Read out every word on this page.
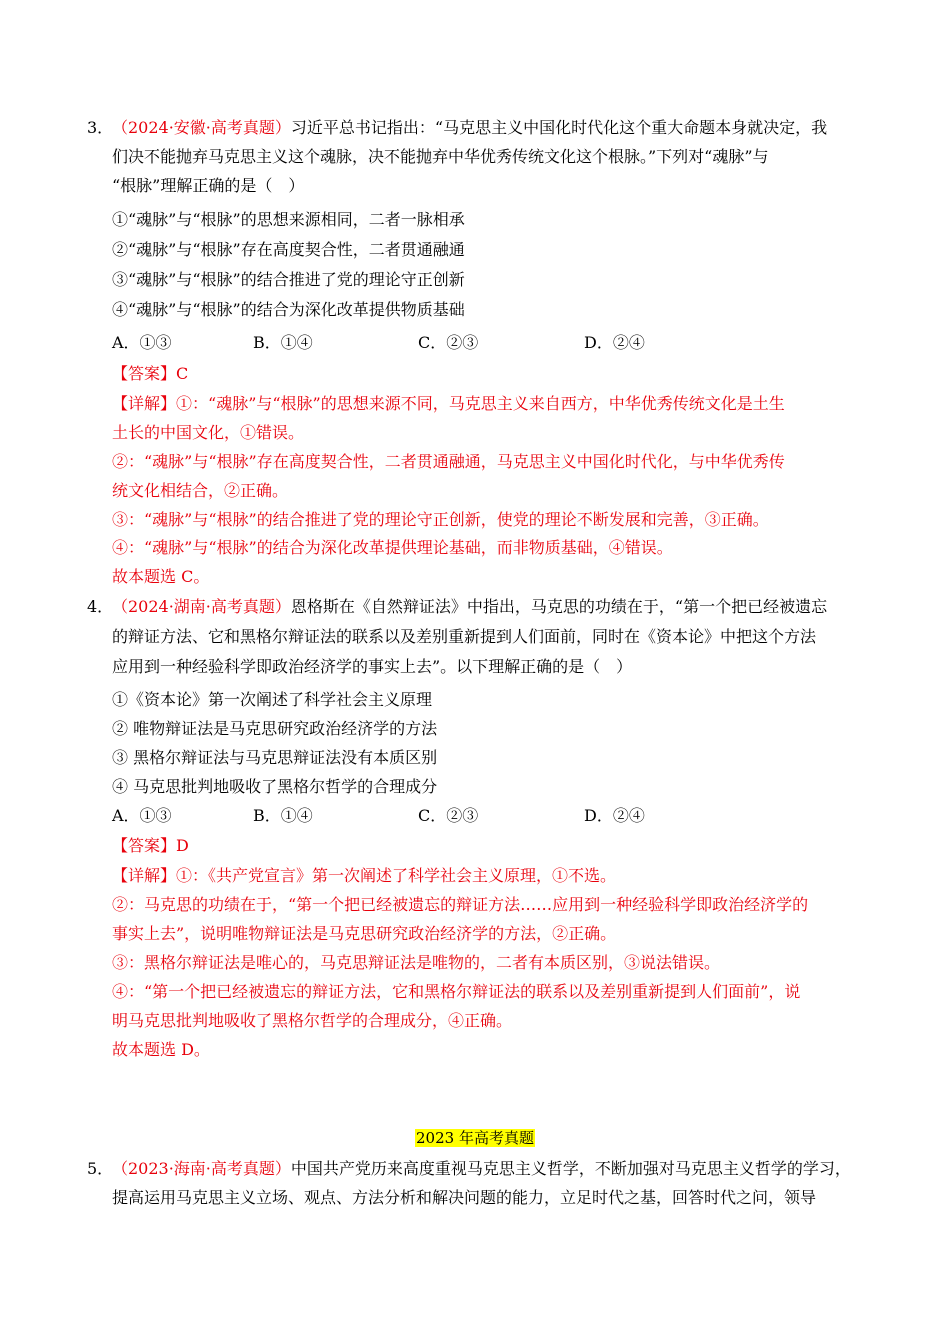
3．
（2024·安徽·高考真题）习近平总书记指出：“马克思主义中国化时代化这个重大命题本身就决定，我
们决不能抛弃马克思主义这个魂脉，决不能抛弃中华优秀传统文化这个根脉。”下列对“魂脉”与
“根脉”理解正确的是（　）
①“魂脉”与“根脉”的思想来源相同，二者一脉相承
②“魂脉”与“根脉”存在高度契合性，二者贯通融通
③“魂脉”与“根脉”的结合推进了党的理论守正创新
④“魂脉”与“根脉”的结合为深化改革提供物质基础
A．①③	B．①④	C．②③	D．②④
【答案】C
【详解】①：“魂脉”与“根脉”的思想来源不同，马克思主义来自西方，中华优秀传统文化是土生
土长的中国文化，①错误。
②：“魂脉”与“根脉”存在高度契合性，二者贯通融通，马克思主义中国化时代化，与中华优秀传
统文化相结合，②正确。
③：“魂脉”与“根脉”的结合推进了党的理论守正创新，使党的理论不断发展和完善，③正确。
④：“魂脉”与“根脉”的结合为深化改革提供理论基础，而非物质基础，④错误。
故本题选 C。
4．
（2024·湖南·高考真题）恩格斯在《自然辩证法》中指出，马克思的功绩在于，“第一个把已经被遗忘
的辩证方法、它和黑格尔辩证法的联系以及差别重新提到人们面前，同时在《资本论》中把这个方法
应用到一种经验科学即政治经济学的事实上去”。以下理解正确的是（　）
①《资本论》第一次阐述了科学社会主义原理
② 唯物辩证法是马克思研究政治经济学的方法
③ 黑格尔辩证法与马克思辩证法没有本质区别
④ 马克思批判地吸收了黑格尔哲学的合理成分
A．①③	B．①④	C．②③	D．②④
【答案】D
【详解】①：《共产党宣言》第一次阐述了科学社会主义原理，①不选。
②：马克思的功绩在于，“第一个把已经被遗忘的辩证方法……应用到一种经验科学即政治经济学的
事实上去”，说明唯物辩证法是马克思研究政治经济学的方法，②正确。
③：黑格尔辩证法是唯心的，马克思辩证法是唯物的，二者有本质区别，③说法错误。
④：“第一个把已经被遗忘的辩证方法，它和黑格尔辩证法的联系以及差别重新提到人们面前”，说
明马克思批判地吸收了黑格尔哲学的合理成分，④正确。
故本题选 D。
2023 年高考真题
5．
（2023·海南·高考真题）中国共产党历来高度重视马克思主义哲学，不断加强对马克思主义哲学的学习，
提高运用马克思主义立场、观点、方法分析和解决问题的能力，立足时代之基，回答时代之问，领导
